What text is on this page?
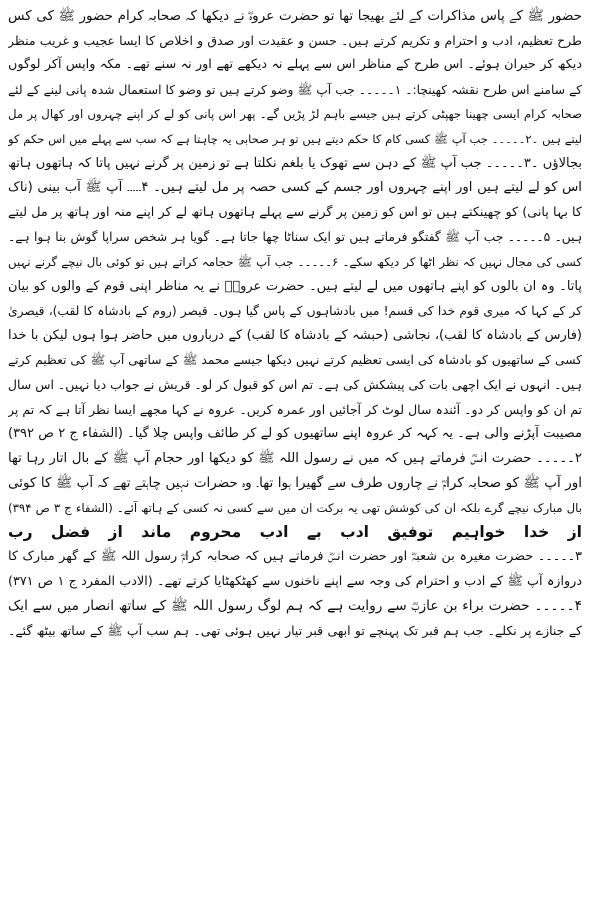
حضور ﷺ کے پاس مذاکرات کے لئے بھیجا تھا تو حضرت عروہؓ نے دیکھا کہ صحابہ کرام حضور ﷺ کی کس
طرح تعظیم، ادب و احترام و تکریم کرتے ہیں۔ حسن و عقیدت اور صدق و اخلاص کا ایسا عجیب و غریب منظر
دیکھ کر حیران ہوئے۔ اس طرح کے مناظر اس سے پہلے نہ دیکھے تھے اور نہ سنے تھے۔ مکہ واپس آکر لوگوں
کے سامنے اس طرح نقشہ کھینچا:۔ ۱۔۔۔۔۔ جب آپ ﷺ وضو کرتے ہیں تو وضو کا استعمال شدہ پانی لینے کے لئے
صحابہ کرام ایسی چھینا جھپٹی کرتے ہیں جیسے باہم لڑ پڑیں گے۔ پھر اس پانی کو لے کر اپنے چہروں اور کھال پر مل
لیتے ہیں ۔۲۔۔۔۔۔ جب آپ ﷺ کسی کام کا حکم دیتے ہیں تو ہر صحابی یہ چاہتا ہے کہ سب سے پہلے میں اس حکم کو
بجالاؤں ۔۳۔۔۔۔۔ جب آپ ﷺ کے دہن سے تھوک یا بلغم نکلتا ہے تو زمین پر گرنے نہیں پاتا کہ ہاتھوں ہاتھ
اس کو لے لیتے ہیں اور اپنے چہروں اور جسم کے کسی حصہ پر مل لیتے ہیں۔ ۴۔۔۔۔۔ آپ ﷺ آب بینی (ناک
کا بہا پانی) کو چھینکتے ہیں تو اس کو زمین پر گرنے سے پہلے ہاتھوں ہاتھ لے کر اپنے منہ اور ہاتھ پر مل لیتے
ہیں۔ ۵۔۔۔۔۔ جب آپ ﷺ گفتگو فرماتے ہیں تو ایک سناٹا چھا جاتا ہے۔ گویا ہر شخص سراپا گوش بنا ہوا ہے۔
کسی کی مجال نہیں کہ نظر اٹھا کر دیکھ سکے۔ ۶۔۔۔۔۔ جب آپ ﷺ حجامہ کراتے ہیں تو کوئی بال نیچے گرنے نہیں
پاتا۔ وہ ان بالوں کو اپنے ہاتھوں میں لے لیتے ہیں۔ حضرت عروہؓ نے یہ مناظر اپنی قوم کے والوں کو بیان
کر کے کہا کہ میری قوم خدا کی قسم! میں بادشاہوں کے پاس گیا ہوں۔ قیصر (روم کے بادشاہ کا لقب)، قیصریٰ
(فارس کے بادشاہ کا لقب)، نجاشی (حبشہ کے بادشاہ کا لقب) کے درباروں میں حاضر ہوا ہوں لیکن با خدا
کسی کے ساتھیوں کو بادشاہ کی ایسی تعظیم کرتے نہیں دیکھا جیسے محمد ﷺ کے ساتھی آپ ﷺ کی تعظیم کرتے
ہیں۔ انہوں نے ایک اچھی بات کی پیشکش کی ہے۔ تم اس کو قبول کر لو۔ قریش نے جواب دیا نہیں۔ اس سال
تم ان کو واپس کر دو۔ آئندہ سال لوٹ کر آجائیں اور عمرہ کریں۔ عروہ نے کہا مجھے ایسا نظر آتا ہے کہ تم پر
مصیبت آپڑنے والی ہے۔ یہ کہہ کر عروہ اپنے ساتھیوں کو لے کر طائف واپس چلا گیا۔ (الشفاء ج ۲ ص ۳۹۲)
۲۔۔۔۔۔ حضرت انسؓ فرماتے ہیں کہ میں نے رسول اللہ ﷺ کو دیکھا اور حجام آپ ﷺ کے بال اتار رہا تھا
اور آپ ﷺ کو صحابہ کرامؓ نے چاروں طرف سے گھیرا ہوا تھا۔ وہ حضرات نہیں چاہتے تھے کہ آپ ﷺ کا کوئی
بال مبارک نیچے گرے بلکہ ان کی کوشش تھی یہ برکت ان میں سے کسی نہ کسی کے ہاتھ آئے۔ (الشفاء ج ۳ ص ۳۹۴)
از خدا خواہیم توفیق ادب بے ادب محروم ماند از فضل رب
۳۔۔۔۔۔ حضرت مغیرہ بن شعبہؓ اور حضرت انسؓ فرماتے ہیں کہ صحابہ کرامؓ رسول اللہ ﷺ کے گھر مبارک کا
دروازہ آپ ﷺ کے ادب و احترام کی وجہ سے اپنے ناخنوں سے کھٹکھٹایا کرتے تھے۔ (الادب المفرد ج ۱ ص ۳۷۱)
۴۔۔۔۔۔ حضرت براء بن عازبؓ سے روایت ہے کہ ہم لوگ رسول اللہ ﷺ کے ساتھ انصار میں سے ایک
کے جنازے پر نکلے۔ جب ہم قبر تک پہنچے تو ابھی قبر تیار نہیں ہوئی تھی۔ ہم سب آپ ﷺ کے ساتھ بیٹھ گئے۔
